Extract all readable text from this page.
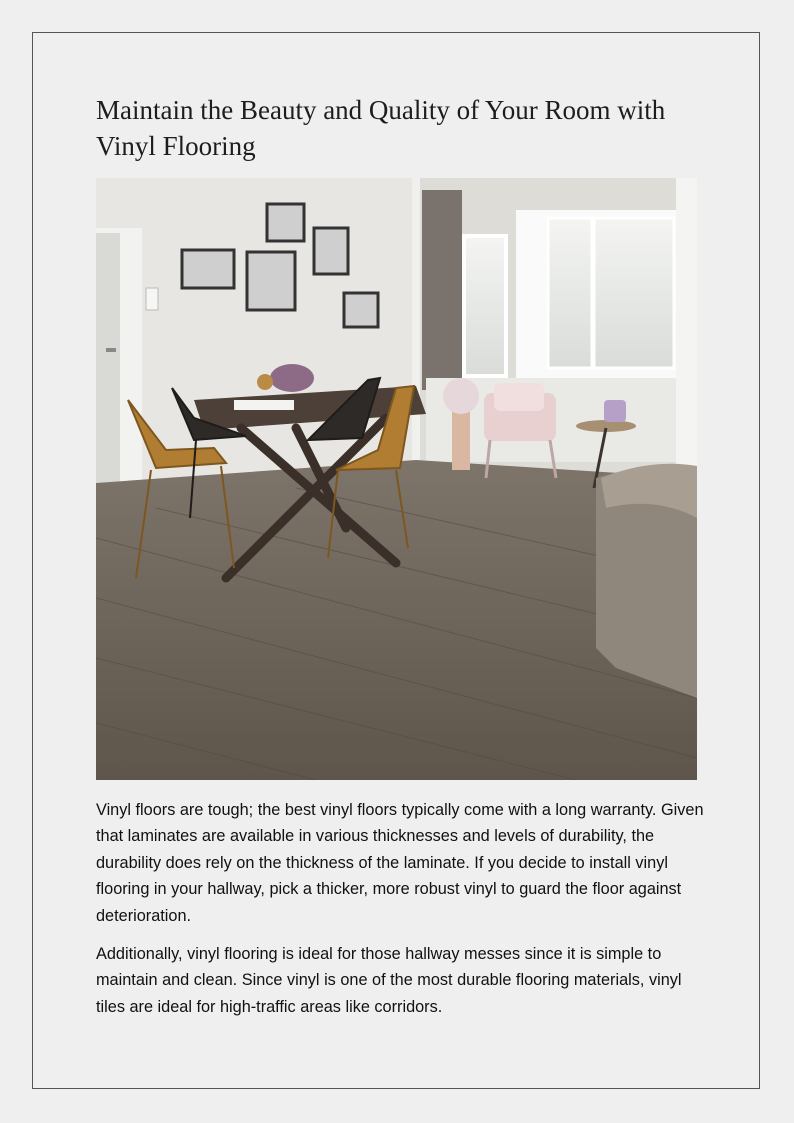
Maintain the Beauty and Quality of Your Room with Vinyl Flooring

Vinyl floors are tough; the best vinyl floors typically come with a long warranty. Given that laminates are available in various thicknesses and levels of durability, the durability does rely on the thickness of the laminate. If you decide to install vinyl flooring in your hallway, pick a thicker, more robust vinyl to guard the floor against deterioration.

Additionally, vinyl flooring is ideal for those hallway messes since it is simple to maintain and clean. Since vinyl is one of the most durable flooring materials, vinyl tiles are ideal for high-traffic areas like corridors.
